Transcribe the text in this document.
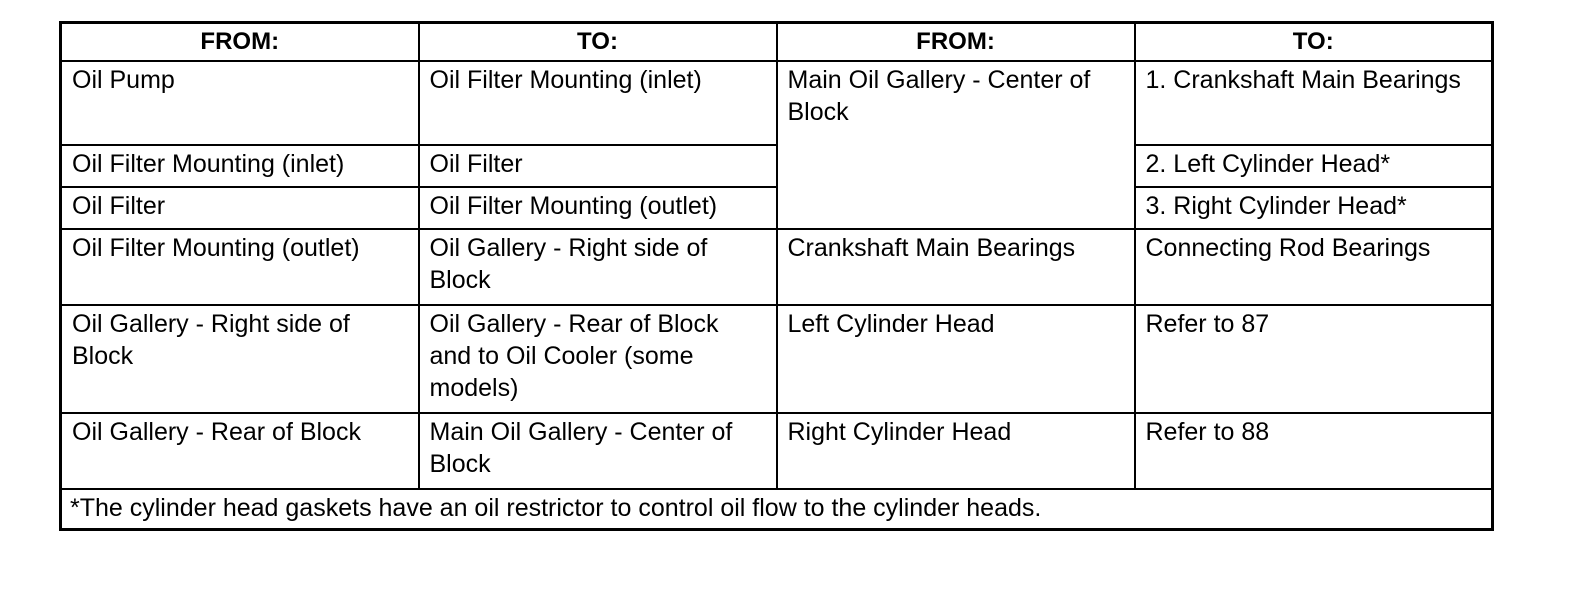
FROM:	TO:	FROM:	TO:
Oil Pump	Oil Filter Mounting (inlet)	Main Oil Gallery - Center of Block	1. Crankshaft Main Bearings
Oil Filter Mounting (inlet)	Oil Filter		2. Left Cylinder Head*
Oil Filter	Oil Filter Mounting (outlet)		3. Right Cylinder Head*
Oil Filter Mounting (outlet)	Oil Gallery - Right side of Block	Crankshaft Main Bearings	Connecting Rod Bearings
Oil Gallery - Right side of Block	Oil Gallery - Rear of Block and to Oil Cooler (some models)	Left Cylinder Head	Refer to 87
Oil Gallery - Rear of Block	Main Oil Gallery - Center of Block	Right Cylinder Head	Refer to 88
*The cylinder head gaskets have an oil restrictor to control oil flow to the cylinder heads.			
